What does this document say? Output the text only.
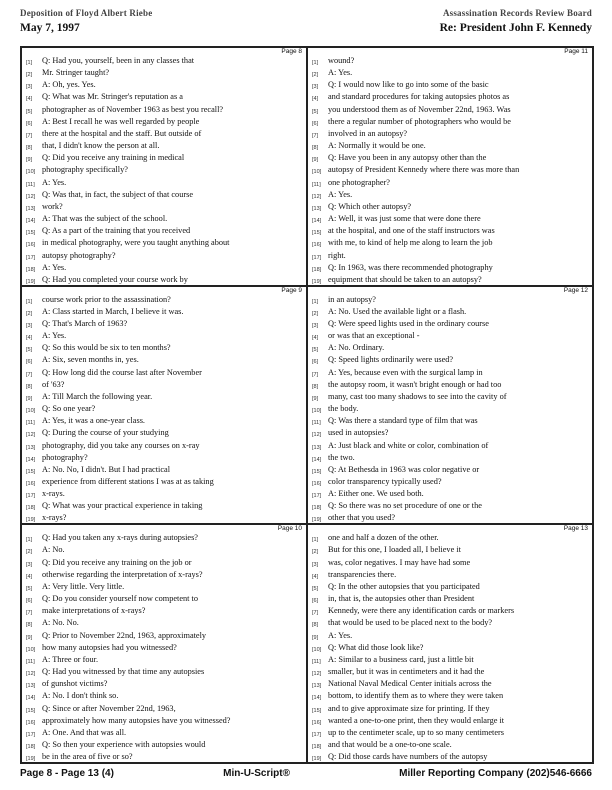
Deposition of Floyd Albert Riebe	Assassination Records Review Board
May 7, 1997	Re: President John F. Kennedy
Page 8
[1]	Q: Had you, yourself, been in any classes that
[2]	Mr. Stringer taught?
[3]	A: Oh, yes. Yes.
[4]	Q: What was Mr. Stringer's reputation as a
[5]	photographer as of November 1963 as best you recall?
[6]	A: Best I recall he was well regarded by people
[7]	there at the hospital and the staff. But outside of
[8]	that, I didn't know the person at all.
[9]	Q: Did you receive any training in medical
[10] photography specifically?
[11] A: Yes.
[12] Q: Was that, in fact, the subject of that course
[13] work?
[14] A: That was the subject of the school.
[15] Q: As a part of the training that you received
[16] in medical photography, were you taught anything about
[17] autopsy photography?
[18] A: Yes.
[19] Q: Had you completed your course work by
Page 11
[1]	wound?
[2]	A: Yes.
[3]	Q: I would now like to go into some of the basic
[4]	and standard procedures for taking autopsies photos as
[5]	you understood them as of November 22nd, 1963. Was
[6]	there a regular number of photographers who would be
[7]	involved in an autopsy?
[8]	A: Normally it would be one.
[9]	Q: Have you been in any autopsy other than the
[10] autopsy of President Kennedy where there was more than
[11] one photographer?
[12] A: Yes.
[13] Q: Which other autopsy?
[14] A: Well, it was just some that were done there
[15] at the hospital, and one of the staff instructors was
[16] with me, to kind of help me along to learn the job
[17] right.
[18] Q: In 1963, was there recommended photography
[19] equipment that should be taken to an autopsy?
Page 9
[1]	course work prior to the assassination?
[2]	A: Class started in March, I believe it was.
[3]	Q: That's March of 1963?
[4]	A: Yes.
[5]	Q: So this would be six to ten months?
[6]	A: Six, seven months in, yes.
[7]	Q: How long did the course last after November
[8]	of '63?
[9]	A: Till March the following year.
[10] Q: So one year?
[11] A: Yes, it was a one-year class.
[12] Q: During the course of your studying
[13] photography, did you take any courses on x-ray
[14] photography?
[15] A: No. No, I didn't. But I had practical
[16] experience from different stations I was at as taking
[17] x-rays.
[18] Q: What was your practical experience in taking
[19] x-rays?
Page 12
[1]	in an autopsy?
[2]	A: No. Used the available light or a flash.
[3]	Q: Were speed lights used in the ordinary course
[4]	or was that an exceptional -
[5]	A: No. Ordinary.
[6]	Q: Speed lights ordinarily were used?
[7]	A: Yes, because even with the surgical lamp in
[8]	the autopsy room, it wasn't bright enough or had too
[9]	many, cast too many shadows to see into the cavity of
[10] the body.
[11] Q: Was there a standard type of film that was
[12] used in autopsies?
[13] A: Just black and white or color, combination of
[14] the two.
[15] Q: At Bethesda in 1963 was color negative or
[16] color transparency typically used?
[17] A: Either one. We used both.
[18] Q: So there was no set procedure of one or the
[19] other that you used?
Page 10
[1]	Q: Had you taken any x-rays during autopsies?
[2]	A: No.
[3]	Q: Did you receive any training on the job or
[4]	otherwise regarding the interpretation of x-rays?
[5]	A: Very little. Very little.
[6]	Q: Do you consider yourself now competent to
[7]	make interpretations of x-rays?
[8]	A: No. No.
[9]	Q: Prior to November 22nd, 1963, approximately
[10] how many autopsies had you witnessed?
[11] A: Three or four.
[12] Q: Had you witnessed by that time any autopsies
[13] of gunshot victims?
[14] A: No. I don't think so.
[15] Q: Since or after November 22nd, 1963,
[16] approximately how many autopsies have you witnessed?
[17] A: One. And that was all.
[18] Q: So then your experience with autopsies would
[19] be in the area of five or so?
Page 13
[1]	one and half a dozen of the other.
[2]	But for this one, I loaded all, I believe it
[3]	was, color negatives. I may have had some
[4]	transparencies there.
[5]	Q: In the other autopsies that you participated
[6]	in, that is, the autopsies other than President
[7]	Kennedy, were there any identification cards or markers
[8]	that would be used to be placed next to the body?
[9]	A: Yes.
[10] Q: What did those look like?
[11] A: Similar to a business card, just a little bit
[12] smaller, but it was in centimeters and it had the
[13] National Naval Medical Center initials across the
[14] bottom, to identify them as to where they were taken
[15] and to give approximate size for printing. If they
[16] wanted a one-to-one print, then they would enlarge it
[17] up to the centimeter scale, up to so many centimeters
[18] and that would be a one-to-one scale.
[19] Q: Did those cards have numbers of the autopsy
Page 8 - Page 13 (4)	Min-U-Script®	Miller Reporting Company (202)546-6666
